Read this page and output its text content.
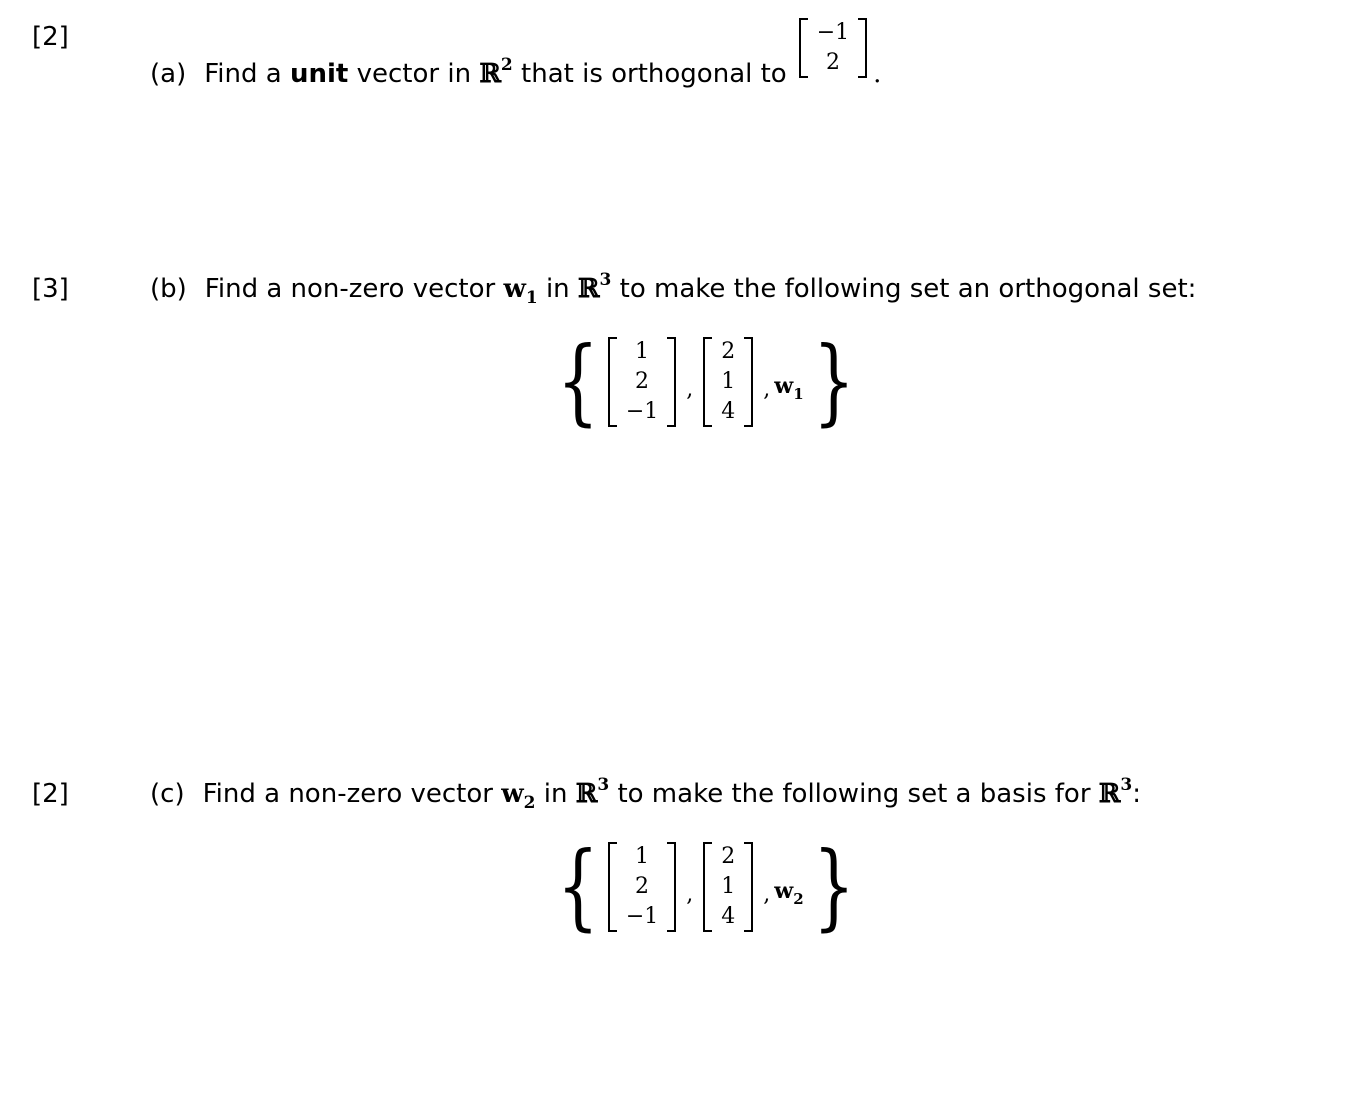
[2]
(a) Find a
unit
vector in
ℝ$^2$
that is orthogonal to
−1
2	.
[3]	(b) Find a non-zero vector
$w_1$
in
ℝ$^3$
to make the following set an orthogonal set:
{	1
2
−1
,
2
1
4
, $w_1$ }
[2]	(c) Find a non-zero vector
$w_2$
in
ℝ$^3$
to make the following set a basis for
ℝ$^3$ :
{	1
2
−1
,
2
1
4
, $w_2$ }
